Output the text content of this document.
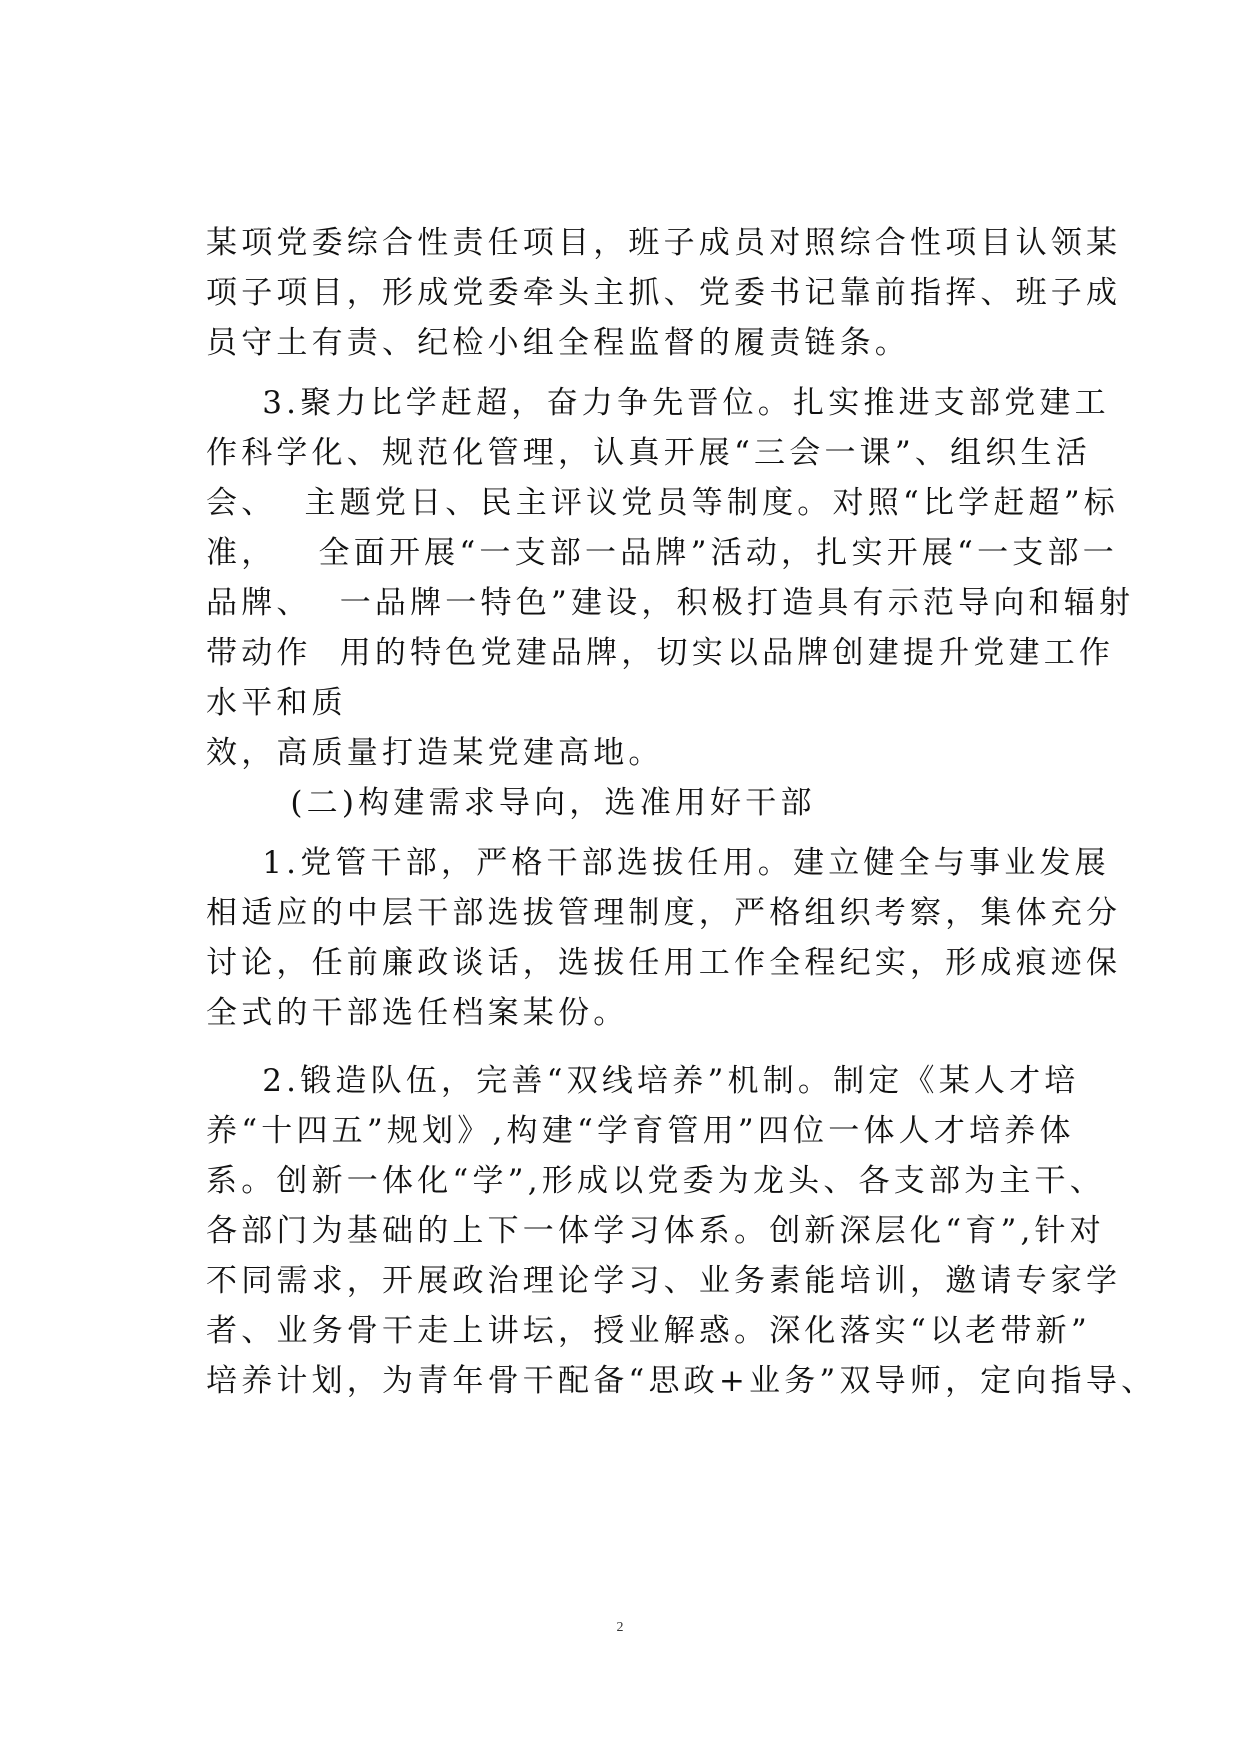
某项党委综合性责任项目，班子成员对照综合性项目认领某
项子项目，形成党委牵头主抓、党委书记靠前指挥、班子成
员守土有责、纪检小组全程监督的履责链条。
3.聚力比学赶超，奋力争先晋位。扎实推进支部党建工
作科学化、规范化管理，认真开展“三会一课”、组织生活
会、  主题党日、民主评议党员等制度。对照“比学赶超”标
准，   全面开展“一支部一品牌”活动，扎实开展“一支部一
品牌、  一品牌一特色”建设，积极打造具有示范导向和辐射
带动作  用的特色党建品牌，切实以品牌创建提升党建工作
水平和质
效，高质量打造某党建高地。
(二)构建需求导向，选准用好干部
1.党管干部，严格干部选拔任用。建立健全与事业发展
相适应的中层干部选拔管理制度，严格组织考察，集体充分
讨论，任前廉政谈话，选拔任用工作全程纪实，形成痕迹保
全式的干部选任档案某份。
2.锻造队伍，完善“双线培养”机制。制定《某人才培
养“十四五”规划》,构建“学育管用”四位一体人才培养体
系。创新一体化“学”,形成以党委为龙头、各支部为主干、
各部门为基础的上下一体学习体系。创新深层化“育”,针对
不同需求，开展政治理论学习、业务素能培训，邀请专家学
者、业务骨干走上讲坛，授业解惑。深化落实“以老带新”
培养计划，为青年骨干配备“思政+业务”双导师，定向指导、
2
